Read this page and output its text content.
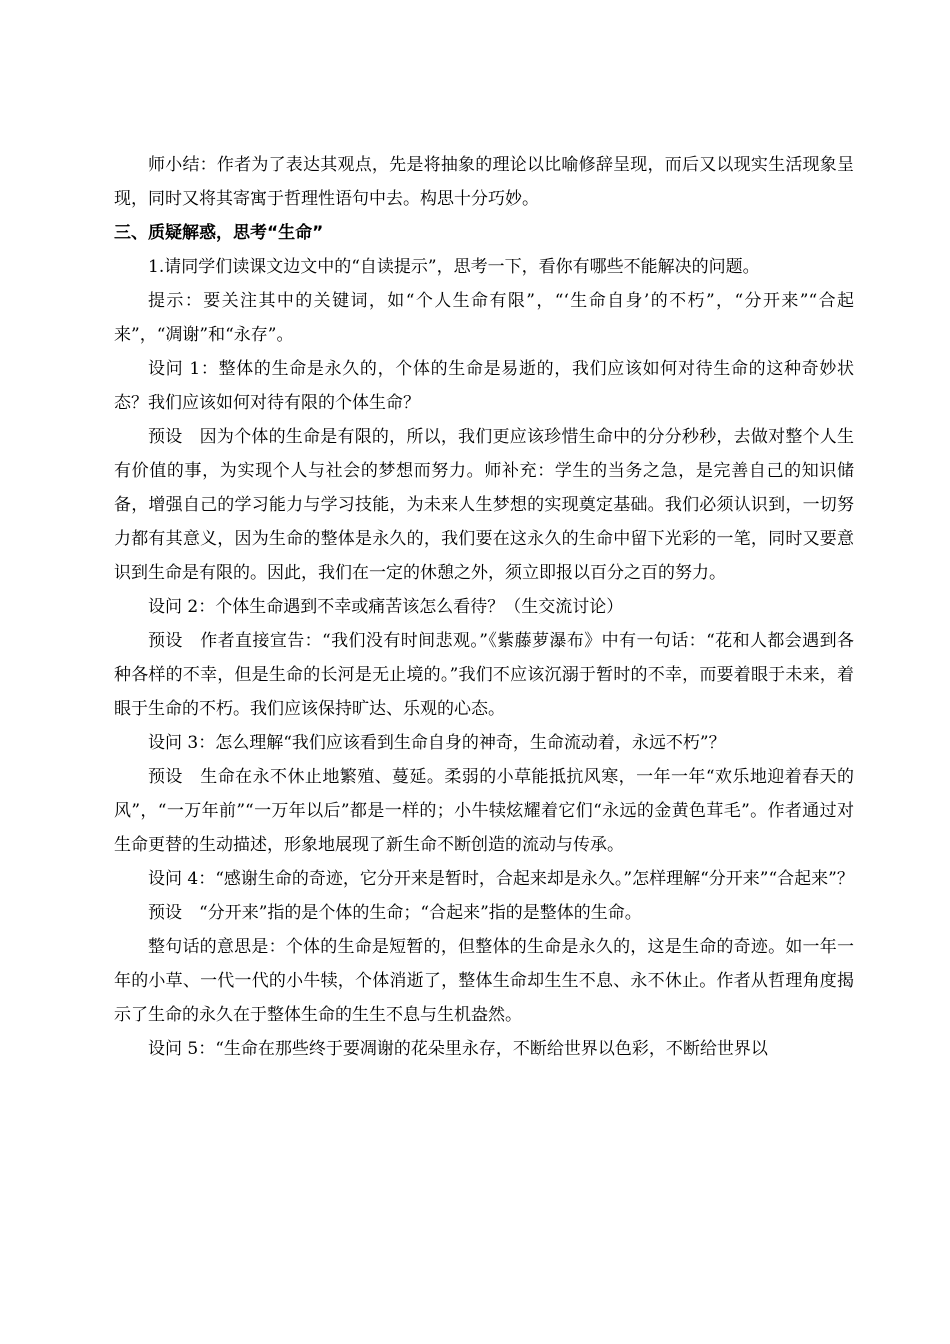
师小结：作者为了表达其观点，先是将抽象的理论以比喻修辞呈现，而后又以现实生活现象呈现，同时又将其寄寓于哲理性语句中去。构思十分巧妙。

三、质疑解惑，思考“生命”

1.请同学们读课文边文中的“自读提示”，思考一下，看你有哪些不能解决的问题。

提示：要关注其中的关键词，如“个人生命有限”，“‘生命自身’的不朽”，“分开来”“合起来”，“凋谢”和“永存”。

设问 1：整体的生命是永久的，个体的生命是易逝的，我们应该如何对待生命的这种奇妙状态？我们应该如何对待有限的个体生命？

预设　因为个体的生命是有限的，所以，我们更应该珍惜生命中的分分秒秒，去做对整个人生有价值的事，为实现个人与社会的梦想而努力。师补充：学生的当务之急，是完善自己的知识储备，增强自己的学习能力与学习技能，为未来人生梦想的实现奠定基础。我们必须认识到，一切努力都有其意义，因为生命的整体是永久的，我们要在这永久的生命中留下光彩的一笔，同时又要意识到生命是有限的。因此，我们在一定的休憩之外，须立即报以百分之百的努力。

设问 2：个体生命遇到不幸或痛苦该怎么看待？（生交流讨论）

预设　作者直接宣告：“我们没有时间悲观。”《紫藤萝瀑布》中有一句话：“花和人都会遇到各种各样的不幸，但是生命的长河是无止境的。”我们不应该沉溺于暂时的不幸，而要着眼于未来，着眼于生命的不朽。我们应该保持旷达、乐观的心态。

设问 3：怎么理解“我们应该看到生命自身的神奇，生命流动着，永远不朽”？

预设　生命在永不休止地繁殖、蔓延。柔弱的小草能抵抗风寒，一年一年“欢乐地迎着春天的风”，“一万年前”“一万年以后”都是一样的；小牛犊炫耀着它们“永远的金黄色茸毛”。作者通过对生命更替的生动描述，形象地展现了新生命不断创造的流动与传承。

设问 4：“感谢生命的奇迹，它分开来是暂时，合起来却是永久。”怎样理解“分开来”“合起来”？

预设　“分开来”指的是个体的生命；“合起来”指的是整体的生命。

整句话的意思是：个体的生命是短暂的，但整体的生命是永久的，这是生命的奇迹。如一年一年的小草、一代一代的小牛犊，个体消逝了，整体生命却生生不息、永不休止。作者从哲理角度揭示了生命的永久在于整体生命的生生不息与生机盎然。

设问 5：“生命在那些终于要凋谢的花朵里永存，不断给世界以色彩，不断给世界以
